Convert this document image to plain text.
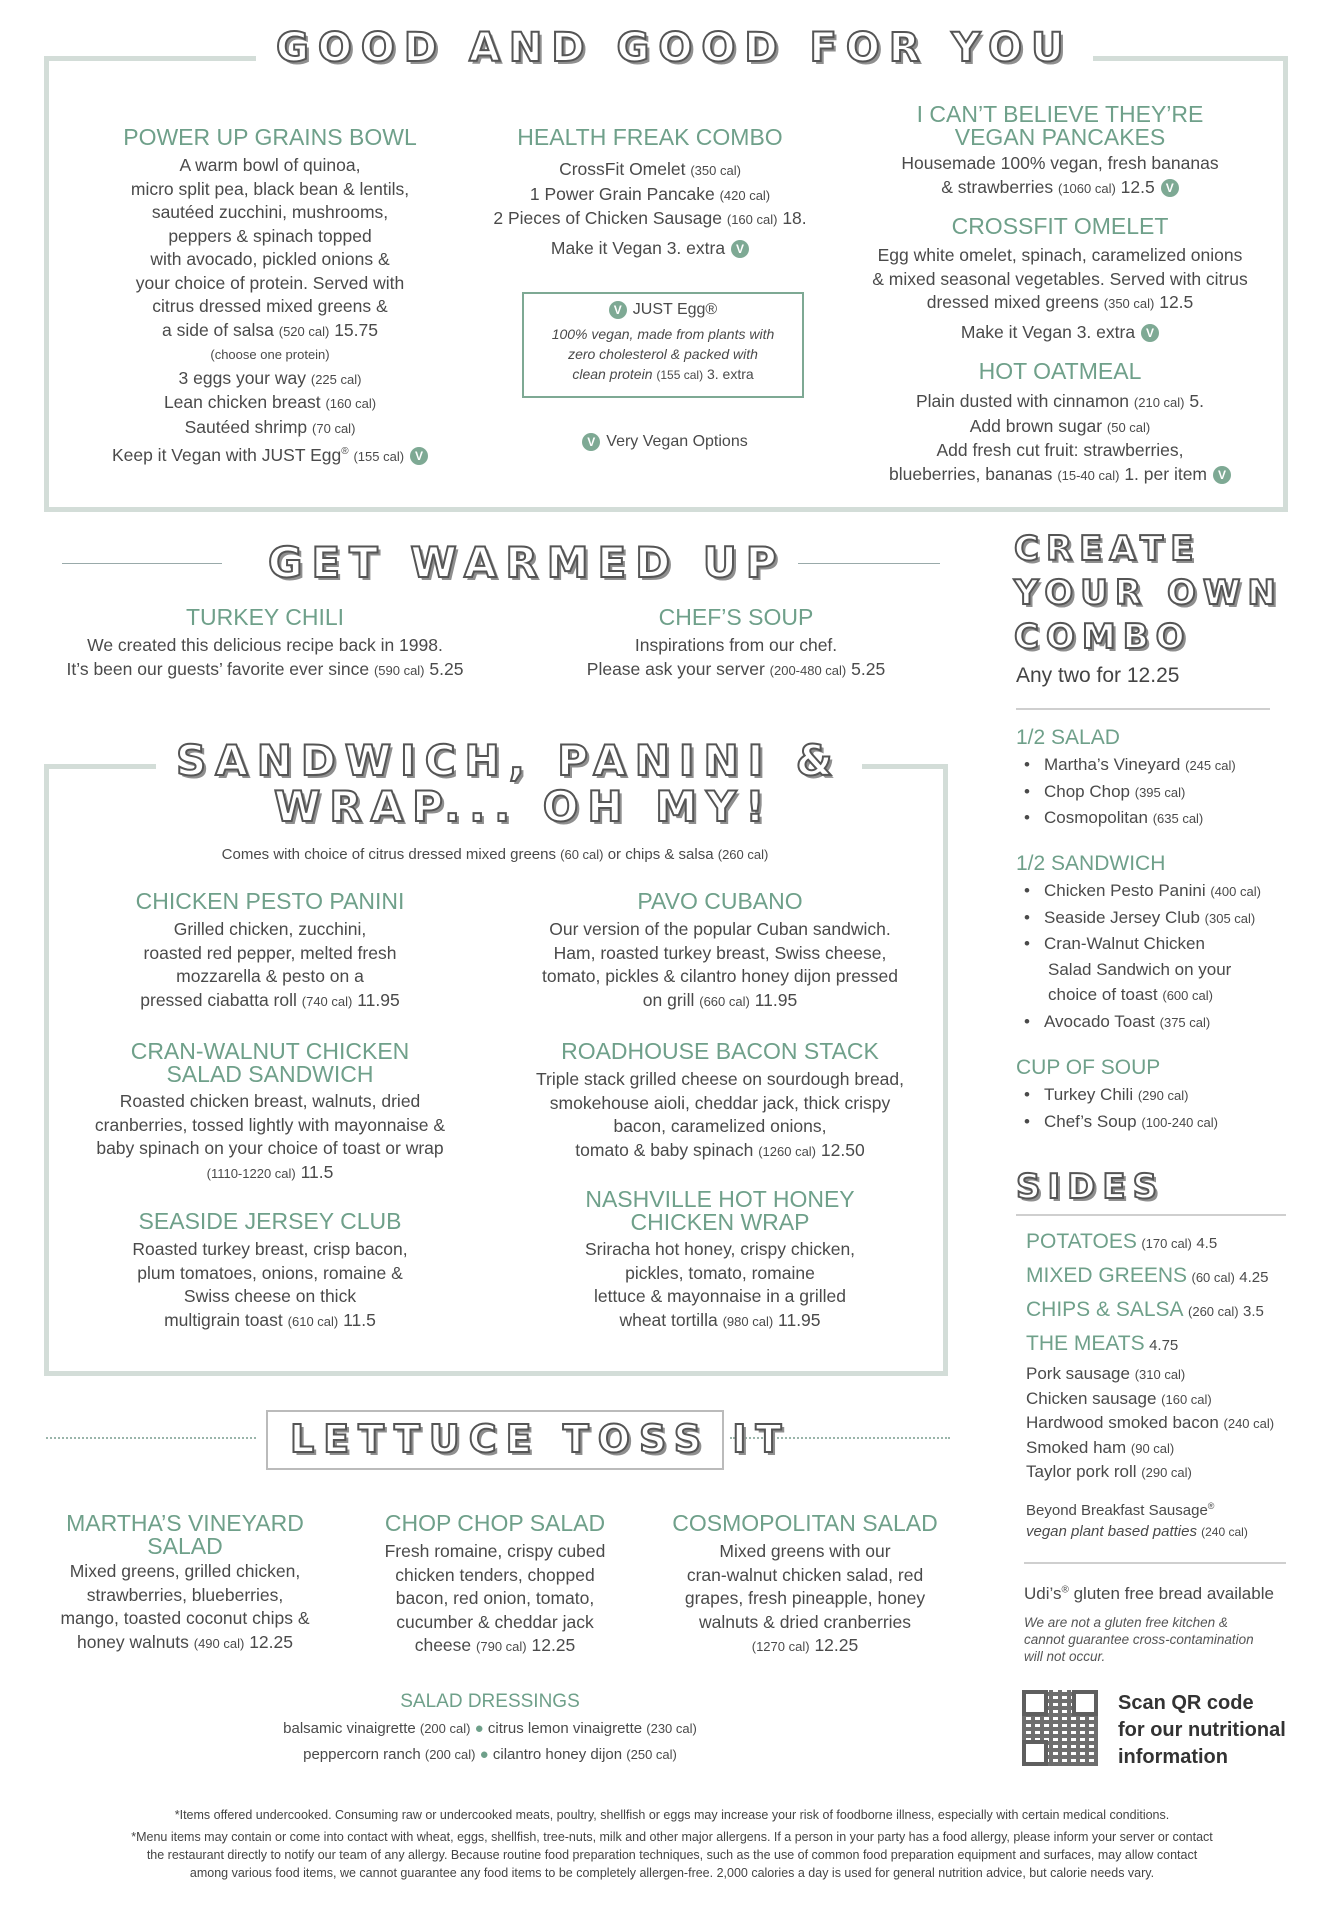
GOOD AND GOOD FOR YOU
POWER UP GRAINS BOWL
A warm bowl of quinoa,
micro split pea, black bean & lentils,
sautéed zucchini, mushrooms,
peppers & spinach topped
with avocado, pickled onions &
your choice of protein. Served with
citrus dressed mixed greens &
a side of salsa (520 cal) 15.75
(choose one protein)
3 eggs your way (225 cal)
Lean chicken breast (160 cal)
Sautéed shrimp (70 cal)
Keep it Vegan with JUST Egg® (155 cal) V
HEALTH FREAK COMBO
CrossFit Omelet (350 cal)
1 Power Grain Pancake (420 cal)
2 Pieces of Chicken Sausage (160 cal) 18.
Make it Vegan 3. extra V
V JUST Egg®
100% vegan, made from plants with
zero cholesterol & packed with
clean protein (155 cal) 3. extra
V Very Vegan Options
I CAN’T BELIEVE THEY’RE
VEGAN PANCAKES
Housemade 100% vegan, fresh bananas
& strawberries (1060 cal) 12.5 V
CROSSFIT OMELET
Egg white omelet, spinach, caramelized onions
& mixed seasonal vegetables. Served with citrus
dressed mixed greens (350 cal) 12.5
Make it Vegan 3. extra V
HOT OATMEAL
Plain dusted with cinnamon (210 cal) 5.
Add brown sugar (50 cal)
Add fresh cut fruit: strawberries,
blueberries, bananas (15-40 cal) 1. per item V
GET WARMED UP
TURKEY CHILI
We created this delicious recipe back in 1998.
It’s been our guests’ favorite ever since (590 cal) 5.25
CHEF’S SOUP
Inspirations from our chef.
Please ask your server (200-480 cal) 5.25
SANDWICH, PANINI &
WRAP... OH MY!
Comes with choice of citrus dressed mixed greens (60 cal) or chips & salsa (260 cal)
CHICKEN PESTO PANINI
Grilled chicken, zucchini,
roasted red pepper, melted fresh
mozzarella & pesto on a
pressed ciabatta roll (740 cal) 11.95
PAVO CUBANO
Our version of the popular Cuban sandwich.
Ham, roasted turkey breast, Swiss cheese,
tomato, pickles & cilantro honey dijon pressed
on grill (660 cal) 11.95
CRAN-WALNUT CHICKEN
SALAD SANDWICH
Roasted chicken breast, walnuts, dried
cranberries, tossed lightly with mayonnaise &
baby spinach on your choice of toast or wrap
(1110-1220 cal) 11.5
ROADHOUSE BACON STACK
Triple stack grilled cheese on sourdough bread,
smokehouse aioli, cheddar jack, thick crispy
bacon, caramelized onions,
tomato & baby spinach (1260 cal) 12.50
SEASIDE JERSEY CLUB
Roasted turkey breast, crisp bacon,
plum tomatoes, onions, romaine &
Swiss cheese on thick
multigrain toast (610 cal) 11.5
NASHVILLE HOT HONEY
CHICKEN WRAP
Sriracha hot honey, crispy chicken,
pickles, tomato, romaine
lettuce & mayonnaise in a grilled
wheat tortilla (980 cal) 11.95
LETTUCE TOSS IT
MARTHA’S VINEYARD
SALAD
Mixed greens, grilled chicken,
strawberries, blueberries,
mango, toasted coconut chips &
honey walnuts (490 cal) 12.25
CHOP CHOP SALAD
Fresh romaine, crispy cubed
chicken tenders, chopped
bacon, red onion, tomato,
cucumber & cheddar jack
cheese (790 cal) 12.25
COSMOPOLITAN SALAD
Mixed greens with our
cran-walnut chicken salad, red
grapes, fresh pineapple, honey
walnuts & dried cranberries
(1270 cal) 12.25
SALAD DRESSINGS
balsamic vinaigrette (200 cal) ● citrus lemon vinaigrette (230 cal)
peppercorn ranch (200 cal) ● cilantro honey dijon (250 cal)
CREATE
YOUR OWN
COMBO
Any two for 12.25
1/2 SALAD
• Martha’s Vineyard (245 cal)
• Chop Chop (395 cal)
• Cosmopolitan (635 cal)
1/2 SANDWICH
• Chicken Pesto Panini (400 cal)
• Seaside Jersey Club (305 cal)
• Cran-Walnut Chicken
Salad Sandwich on your
choice of toast (600 cal)
• Avocado Toast (375 cal)
CUP OF SOUP
• Turkey Chili (290 cal)
• Chef’s Soup (100-240 cal)
SIDES
POTATOES (170 cal) 4.5
MIXED GREENS (60 cal) 4.25
CHIPS & SALSA (260 cal) 3.5
THE MEATS 4.75
Pork sausage (310 cal)
Chicken sausage (160 cal)
Hardwood smoked bacon (240 cal)
Smoked ham (90 cal)
Taylor pork roll (290 cal)
Beyond Breakfast Sausage®
vegan plant based patties (240 cal)
Udi’s® gluten free bread available
We are not a gluten free kitchen &
cannot guarantee cross-contamination
will not occur.
Scan QR code
for our nutritional
information
*Items offered undercooked. Consuming raw or undercooked meats, poultry, shellfish or eggs may increase your risk of foodborne illness, especially with certain medical conditions.
*Menu items may contain or come into contact with wheat, eggs, shellfish, tree-nuts, milk and other major allergens. If a person in your party has a food allergy, please inform your server or contact
the restaurant directly to notify our team of any allergy. Because routine food preparation techniques, such as the use of common food preparation equipment and surfaces, may allow contact
among various food items, we cannot guarantee any food items to be completely allergen-free. 2,000 calories a day is used for general nutrition advice, but calorie needs vary.
